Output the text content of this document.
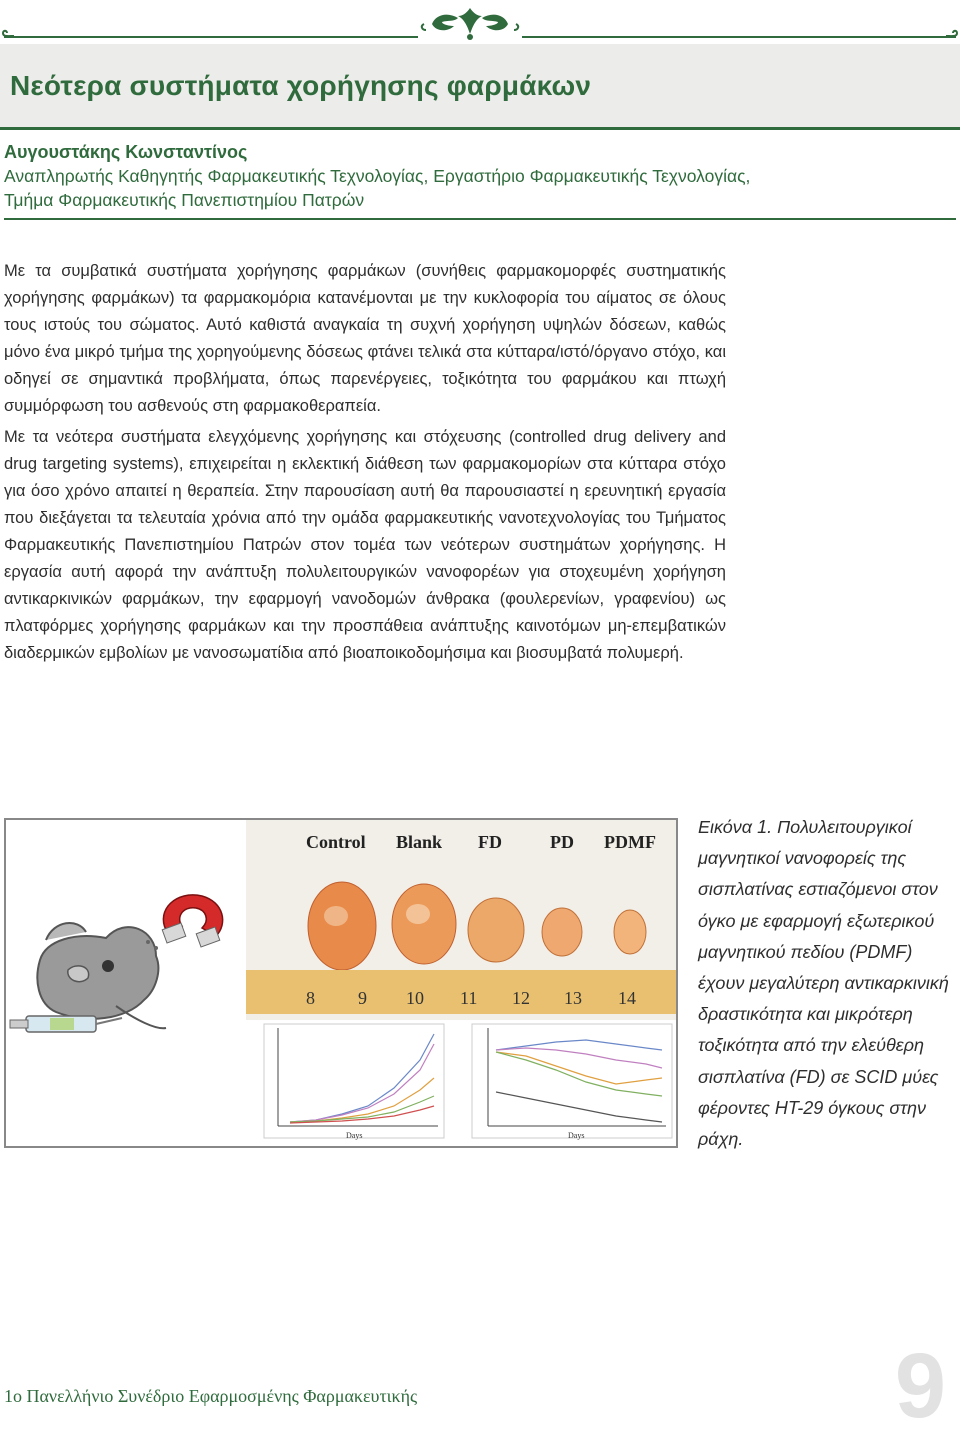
Νεότερα συστήματα χορήγησης φαρμάκων
Αυγουστάκης Κωνσταντίνος
Αναπληρωτής Καθηγητής Φαρμακευτικής Τεχνολογίας, Εργαστήριο Φαρμακευτικής Τεχνολογίας,
Τμήμα Φαρμακευτικής Πανεπιστημίου Πατρών

Με τα συμβατικά συστήματα χορήγησης φαρμάκων (συνήθεις φαρμακομορφές συστηματικής χορήγησης φαρμάκων) τα φαρμακομόρια κατανέμονται με την κυκλοφορία του αίματος σε όλους τους ιστούς του σώματος. Αυτό καθιστά αναγκαία τη συχνή χορήγηση υψηλών δόσεων, καθώς μόνο ένα μικρό τμήμα της χορηγούμενης δόσεως φτάνει τελικά στα κύτταρα/ιστό/όργανο στόχο, και οδηγεί σε σημαντικά προβλήματα, όπως παρενέργειες, τοξικότητα του φαρμάκου και πτωχή συμμόρφωση του ασθενούς στη φαρμακοθεραπεία.

Με τα νεότερα συστήματα ελεγχόμενης χορήγησης και στόχευσης (controlled drug delivery and drug targeting systems), επιχειρείται η εκλεκτική διάθεση των φαρμακομορίων στα κύτταρα στόχο για όσο χρόνο απαιτεί η θεραπεία. Στην παρουσίαση αυτή θα παρουσιαστεί η ερευνητική εργασία που διεξάγεται τα τελευταία χρόνια από την ομάδα φαρμακευτικής νανοτεχνολογίας του Τμήματος Φαρμακευτικής Πανεπιστημίου Πατρών στον τομέα των νεότερων συστημάτων χορήγησης. Η εργασία αυτή αφορά την ανάπτυξη πολυλειτουργικών νανοφορέων για στοχευμένη χορήγηση αντικαρκινικών φαρμάκων, την εφαρμογή νανοδομών άνθρακα (φουλερενίων, γραφενίου) ως πλατφόρμες χορήγησης φαρμάκων και την προσπάθεια ανάπτυξης καινοτόμων μη-επεμβατικών διαδερμικών εμβολίων με νανοσωματίδια από βιοαποικοδομήσιμα και βιοσυμβατά πολυμερή.

Control Blank FD	PD PDMF
8 9 10 11 12 13 14
Days	Days
Εικόνα 1. Πολυλειτουργικοί μαγνητικοί νανοφορείς της σισπλατίνας εστιαζόμενοι στον όγκο με εφαρμογή εξωτερικού μαγνητικού πεδίου (PDMF) έχουν μεγαλύτερη αντικαρκινική δραστικότητα και μικρότερη τοξικότητα από την ελεύθερη σισπλατίνα (FD) σε SCID μύες φέροντες HT-29 όγκους στην ράχη.
1ο Πανελλήνιο Συνέδριο Εφαρμοσμένης Φαρμακευτικής	9
